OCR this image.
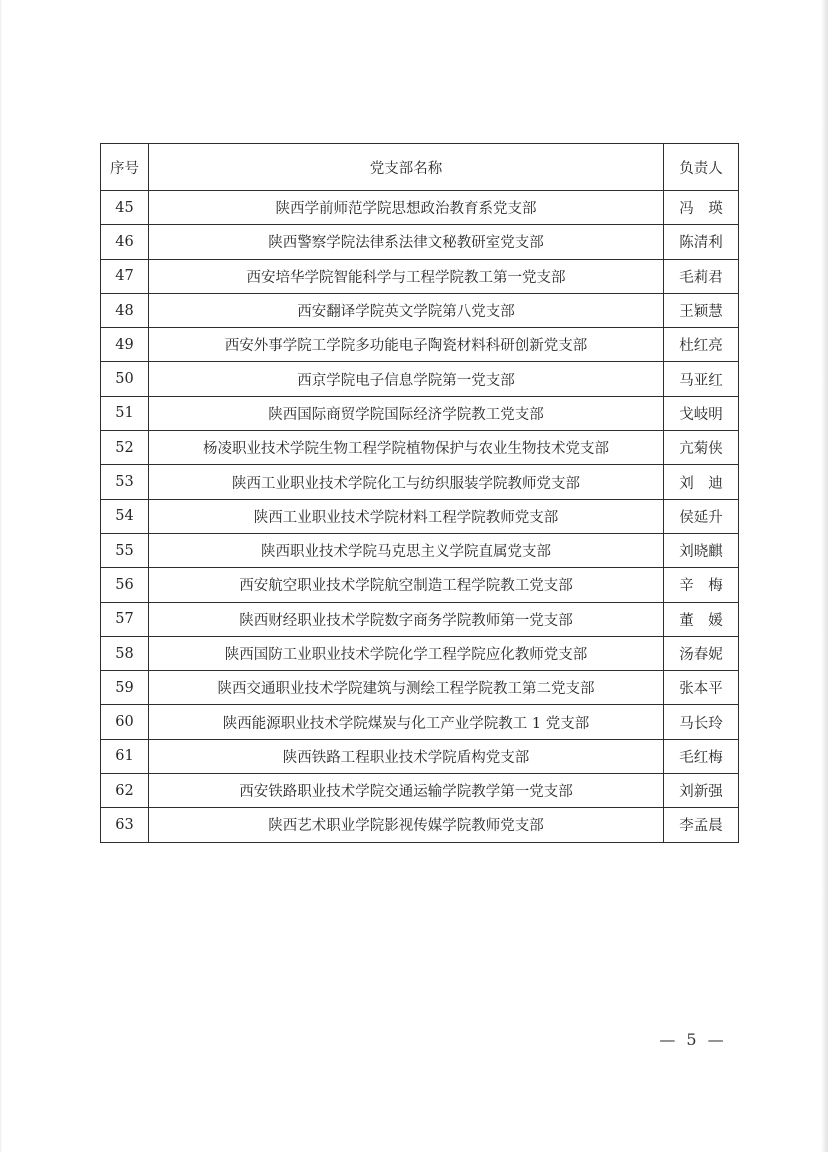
序号	党支部名称	负责人
45	陕西学前师范学院思想政治教育系党支部	冯　瑛
46	陕西警察学院法律系法律文秘教研室党支部	陈清利
47	西安培华学院智能科学与工程学院教工第一党支部	毛莉君
48	西安翻译学院英文学院第八党支部	王颖慧
49	西安外事学院工学院多功能电子陶瓷材料科研创新党支部	杜红亮
50	西京学院电子信息学院第一党支部	马亚红
51	陕西国际商贸学院国际经济学院教工党支部	戈岐明
52	杨凌职业技术学院生物工程学院植物保护与农业生物技术党支部	亢菊侠
53	陕西工业职业技术学院化工与纺织服装学院教师党支部	刘　迪
54	陕西工业职业技术学院材料工程学院教师党支部	侯延升
55	陕西职业技术学院马克思主义学院直属党支部	刘晓麒
56	西安航空职业技术学院航空制造工程学院教工党支部	辛　梅
57	陕西财经职业技术学院数字商务学院教师第一党支部	董　媛
58	陕西国防工业职业技术学院化学工程学院应化教师党支部	汤春妮
59	陕西交通职业技术学院建筑与测绘工程学院教工第二党支部	张本平
60	陕西能源职业技术学院煤炭与化工产业学院教工 1 党支部	马长玲
61	陕西铁路工程职业技术学院盾构党支部	毛红梅
62	西安铁路职业技术学院交通运输学院教学第一党支部	刘新强
63	陕西艺术职业学院影视传媒学院教师党支部	李孟晨
— 5 —
